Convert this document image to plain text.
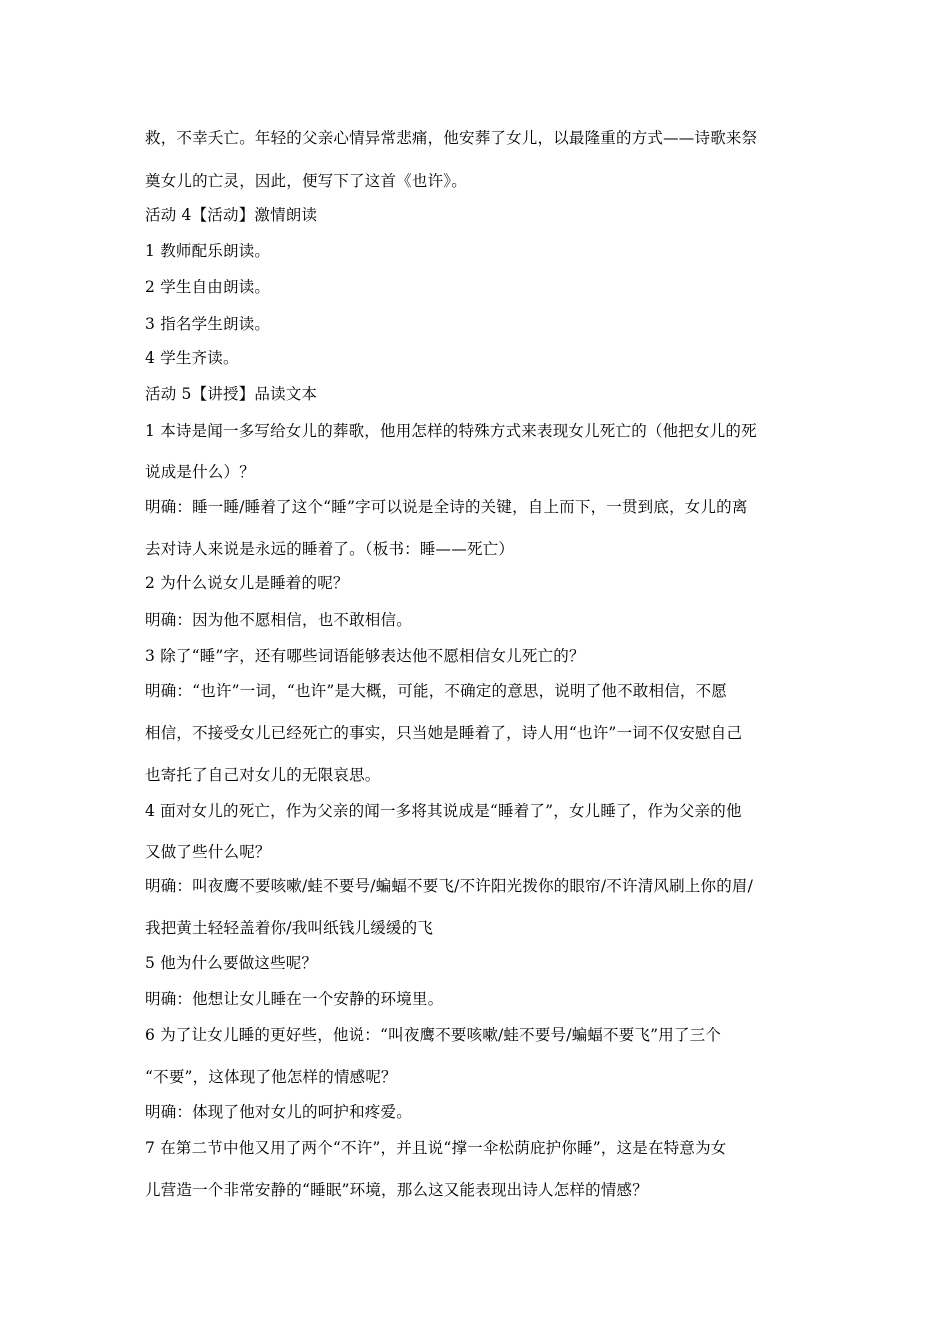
救，不幸夭亡。年轻的父亲心情异常悲痛，他安葬了女儿，以最隆重的方式——诗歌来祭
奠女儿的亡灵，因此，便写下了这首《也许》。
活动 4【活动】激情朗读
1 教师配乐朗读。
2 学生自由朗读。
3 指名学生朗读。
4 学生齐读。
活动 5【讲授】品读文本
1 本诗是闻一多写给女儿的葬歌，他用怎样的特殊方式来表现女儿死亡的（他把女儿的死
说成是什么）？
明确：睡一睡/睡着了这个“睡”字可以说是全诗的关键，自上而下，一贯到底，女儿的离
去对诗人来说是永远的睡着了。（板书：睡——死亡）
2 为什么说女儿是睡着的呢？
明确：因为他不愿相信，也不敢相信。
3 除了“睡”字，还有哪些词语能够表达他不愿相信女儿死亡的？
明确：“也许”一词，“也许”是大概，可能，不确定的意思，说明了他不敢相信，不愿
相信，不接受女儿已经死亡的事实，只当她是睡着了，诗人用“也许”一词不仅安慰自己
也寄托了自己对女儿的无限哀思。
4 面对女儿的死亡，作为父亲的闻一多将其说成是“睡着了”，女儿睡了，作为父亲的他
又做了些什么呢？
明确：叫夜鹰不要咳嗽/蛙不要号/蝙蝠不要飞/不许阳光拨你的眼帘/不许清风刷上你的眉/
我把黄土轻轻盖着你/我叫纸钱儿缓缓的飞
5 他为什么要做这些呢？
明确：他想让女儿睡在一个安静的环境里。
6 为了让女儿睡的更好些，他说：“叫夜鹰不要咳嗽/蛙不要号/蝙蝠不要飞”用了三个
“不要”，这体现了他怎样的情感呢？
明确：体现了他对女儿的呵护和疼爱。
7 在第二节中他又用了两个“不许”，并且说“撑一伞松荫庇护你睡”，这是在特意为女
儿营造一个非常安静的“睡眠”环境，那么这又能表现出诗人怎样的情感？
